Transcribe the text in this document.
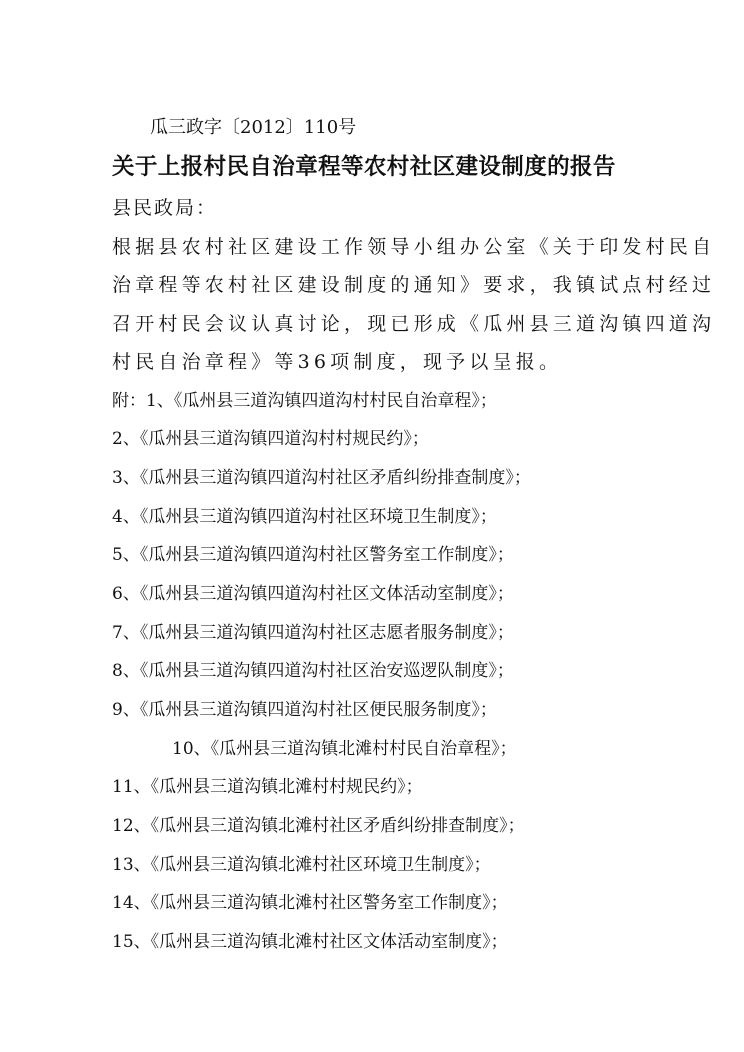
瓜三政字〔2012〕110号
关于上报村民自治章程等农村社区建设制度的报告
县民政局：
根据县农村社区建设工作领导小组办公室《关于印发村民自
治章程等农村社区建设制度的通知》要求，我镇试点村经过
召开村民会议认真讨论，现已形成《瓜州县三道沟镇四道沟
村民自治章程》等36项制度，现予以呈报。
附：1、《瓜州县三道沟镇四道沟村村民自治章程》；
2、《瓜州县三道沟镇四道沟村村规民约》；
3、《瓜州县三道沟镇四道沟村社区矛盾纠纷排查制度》；
4、《瓜州县三道沟镇四道沟村社区环境卫生制度》；
5、《瓜州县三道沟镇四道沟村社区警务室工作制度》；
6、《瓜州县三道沟镇四道沟村社区文体活动室制度》；
7、《瓜州县三道沟镇四道沟村社区志愿者服务制度》；
8、《瓜州县三道沟镇四道沟村社区治安巡逻队制度》；
9、《瓜州县三道沟镇四道沟村社区便民服务制度》；
10、《瓜州县三道沟镇北滩村村民自治章程》；
11、《瓜州县三道沟镇北滩村村规民约》；
12、《瓜州县三道沟镇北滩村社区矛盾纠纷排查制度》；
13、《瓜州县三道沟镇北滩村社区环境卫生制度》；
14、《瓜州县三道沟镇北滩村社区警务室工作制度》；
15、《瓜州县三道沟镇北滩村社区文体活动室制度》；
